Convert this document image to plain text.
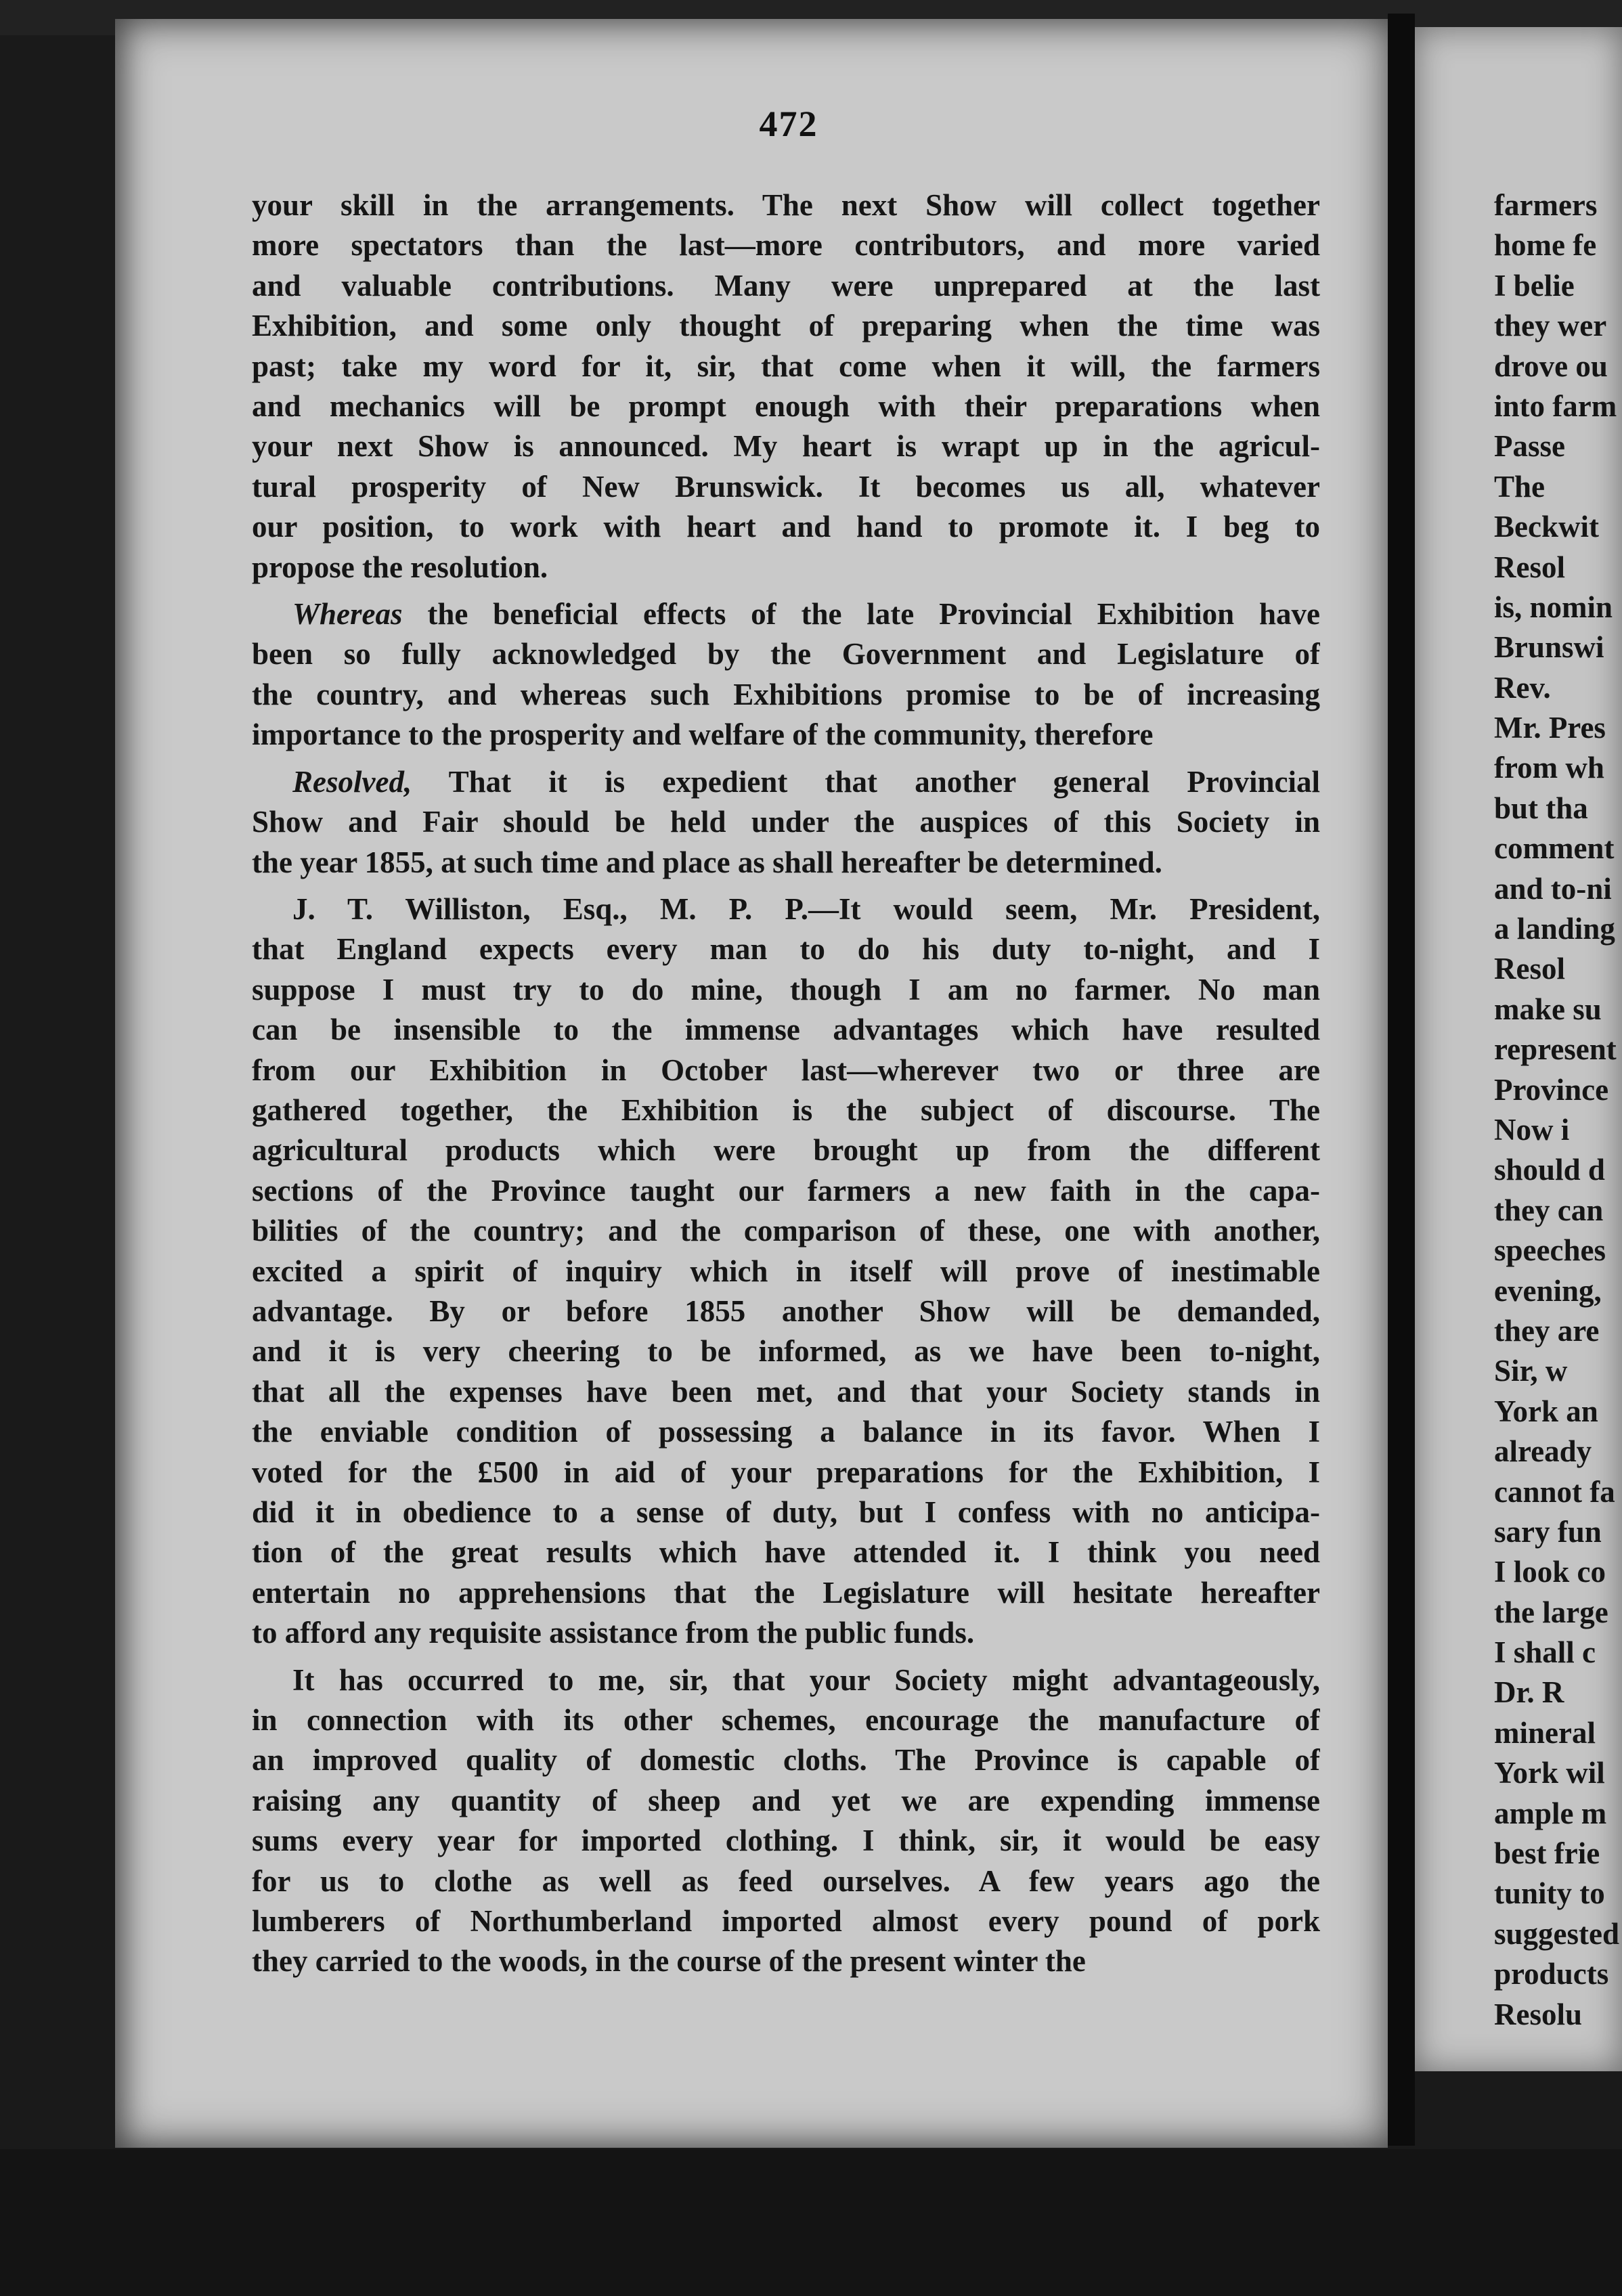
472
your skill in the arrangements. The next Show will collect together
more spectators than the last—more contributors, and more varied
and valuable contributions. Many were unprepared at the last
Exhibition, and some only thought of preparing when the time was
past; take my word for it, sir, that come when it will, the farmers
and mechanics will be prompt enough with their preparations when
your next Show is announced. My heart is wrapt up in the agricul-
tural prosperity of New Brunswick. It becomes us all, whatever
our position, to work with heart and hand to promote it. I beg to
propose the resolution.
Whereas the beneficial effects of the late Provincial Exhibition have
been so fully acknowledged by the Government and Legislature of
the country, and whereas such Exhibitions promise to be of increasing
importance to the prosperity and welfare of the community, therefore
Resolved, That it is expedient that another general Provincial
Show and Fair should be held under the auspices of this Society in
the year 1855, at such time and place as shall hereafter be determined.
J. T. Williston, Esq., M. P. P.—It would seem, Mr. President,
that England expects every man to do his duty to-night, and I
suppose I must try to do mine, though I am no farmer. No man
can be insensible to the immense advantages which have resulted
from our Exhibition in October last—wherever two or three are
gathered together, the Exhibition is the subject of discourse. The
agricultural products which were brought up from the different
sections of the Province taught our farmers a new faith in the capa-
bilities of the country; and the comparison of these, one with another,
excited a spirit of inquiry which in itself will prove of inestimable
advantage. By or before 1855 another Show will be demanded,
and it is very cheering to be informed, as we have been to-night,
that all the expenses have been met, and that your Society stands in
the enviable condition of possessing a balance in its favor. When I
voted for the £500 in aid of your preparations for the Exhibition, I
did it in obedience to a sense of duty, but I confess with no anticipa-
tion of the great results which have attended it. I think you need
entertain no apprehensions that the Legislature will hesitate hereafter
to afford any requisite assistance from the public funds.
It has occurred to me, sir, that your Society might advantageously,
in connection with its other schemes, encourage the manufacture of
an improved quality of domestic cloths. The Province is capable of
raising any quantity of sheep and yet we are expending immense
sums every year for imported clothing. I think, sir, it would be easy
for us to clothe as well as feed ourselves. A few years ago the
lumberers of Northumberland imported almost every pound of pork
they carried to the woods, in the course of the present winter the
farmers
home fe
I belie
they wer
drove ou
into farm
Passe
The
Beckwit
Resol
is, nomin
Brunswi
Rev.
Mr. Pres
from wh
but tha
comment
and to-ni
a landing
Resol
make su
represent
Province
Now i
should d
they can
speeches
evening,
they are
Sir, w
York an
already
cannot fa
sary fun
I look co
the large
I shall c
Dr. R
mineral
York wil
ample m
best frie
tunity to
suggested
products
Resolu
